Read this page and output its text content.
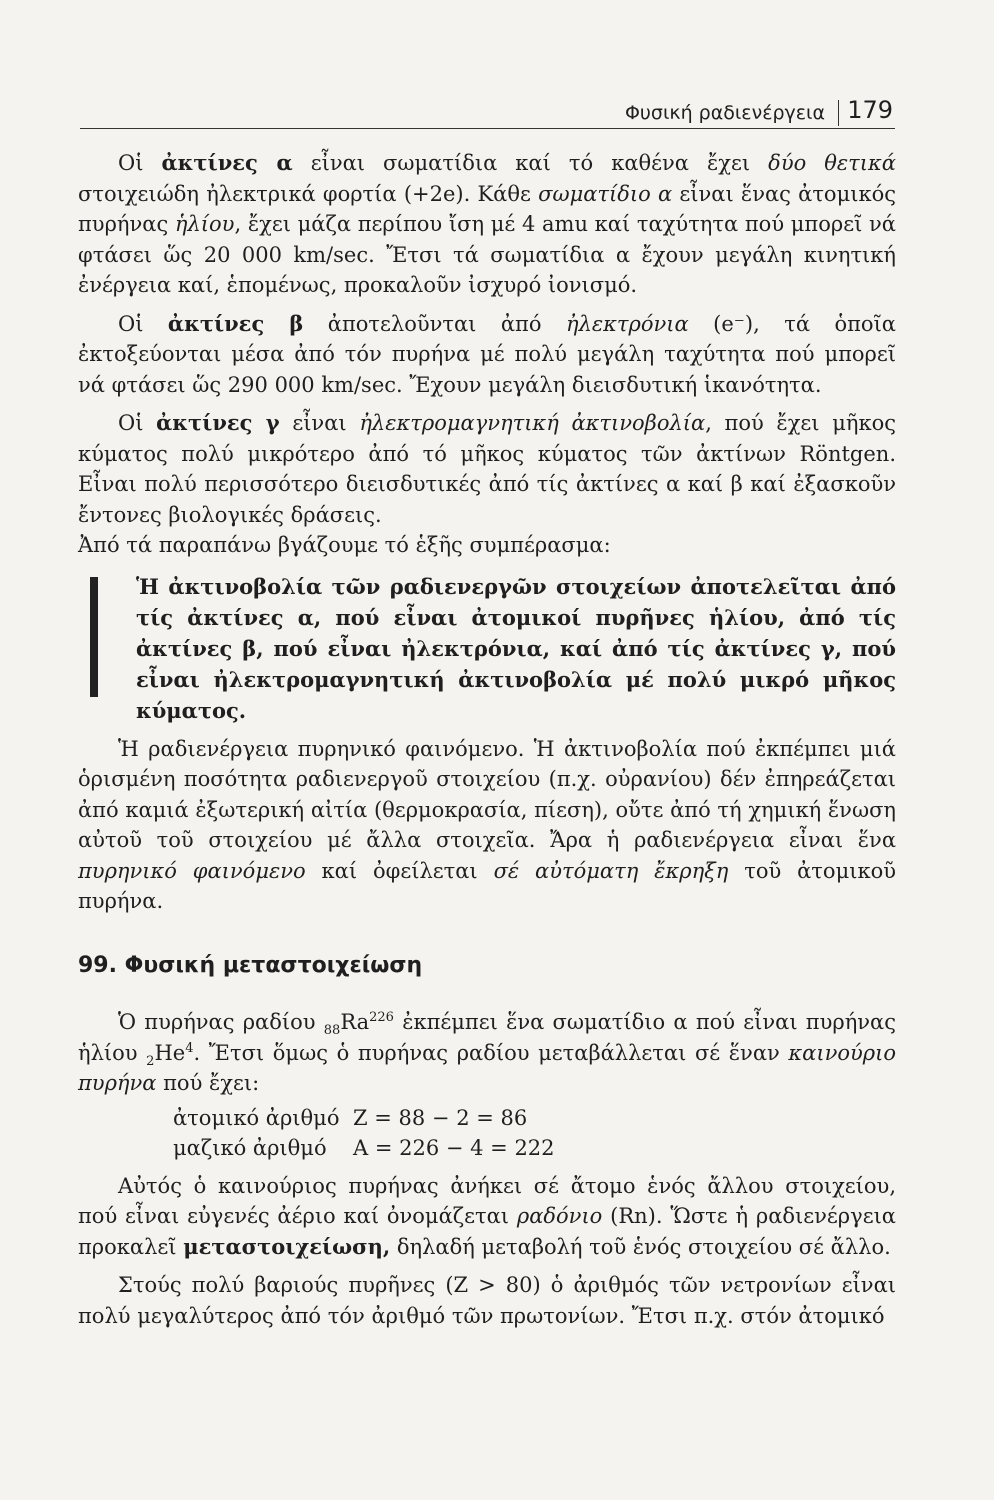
Φυσική ραδιενέργεια 179

Οἱ ἀκτίνες α εἶναι σωματίδια καί τό καθένα ἔχει δύο θετικά στοιχειώδη ἠλεκτρικά φορτία (+2e). Κάθε σωματίδιο α εἶναι ἕνας ἀτομικός πυρήνας ἡλίου, ἔχει μάζα περίπου ἴση μέ 4 amu καί ταχύτητα πού μπορεῖ νά φτάσει ὥς 20 000 km/sec. Ἔτσι τά σωματίδια α ἔχουν μεγάλη κινητική ἐνέργεια καί, ἑπομένως, προκαλοῦν ἰσχυρό ἰονισμό.

Οἱ ἀκτίνες β ἀποτελοῦνται ἀπό ἠλεκτρόνια (e⁻), τά ὁποῖα ἐκτοξεύονται μέσα ἀπό τόν πυρήνα μέ πολύ μεγάλη ταχύτητα πού μπορεῖ νά φτάσει ὥς 290 000 km/sec. Ἔχουν μεγάλη διεισδυτική ἱκανότητα.

Οἱ ἀκτίνες γ εἶναι ἠλεκτρομαγνητική ἀκτινοβολία, πού ἔχει μῆκος κύματος πολύ μικρότερο ἀπό τό μῆκος κύματος τῶν ἀκτίνων Röntgen. Εἶναι πολύ περισσότερο διεισδυτικές ἀπό τίς ἀκτίνες α καί β καί ἐξασκοῦν ἔντονες βιολογικές δράσεις.

Ἀπό τά παραπάνω βγάζουμε τό ἑξῆς συμπέρασμα:

Ἡ ἀκτινοβολία τῶν ραδιενεργῶν στοιχείων ἀποτελεῖται ἀπό τίς ἀκτίνες α, πού εἶναι ἀτομικοί πυρῆνες ἡλίου, ἀπό τίς ἀκτίνες β, πού εἶναι ἠλεκτρόνια, καί ἀπό τίς ἀκτίνες γ, πού εἶναι ἠλεκτρομαγνητική ἀκτινοβολία μέ πολύ μικρό μῆκος κύματος.

Ἡ ραδιενέργεια πυρηνικό φαινόμενο. Ἡ ἀκτινοβολία πού ἐκπέμπει μιά ὁρισμένη ποσότητα ραδιενεργοῦ στοιχείου (π.χ. οὐρανίου) δέν ἐπηρεάζεται ἀπό καμιά ἐξωτερική αἰτία (θερμοκρασία, πίεση), οὔτε ἀπό τή χημική ἕνωση αὐτοῦ τοῦ στοιχείου μέ ἄλλα στοιχεῖα. Ἄρα ἡ ραδιενέργεια εἶναι ἕνα πυρηνικό φαινόμενο καί ὀφείλεται σέ αὐτόματη ἔκρηξη τοῦ ἀτομικοῦ πυρήνα.

99. Φυσική μεταστοιχείωση

Ὁ πυρήνας ραδίου $_{88}Ra^{226}$ ἐκπέμπει ἕνα σωματίδιο α πού εἶναι πυρήνας ἡλίου $_2He^4$. Ἔτσι ὅμως ὁ πυρήνας ραδίου μεταβάλλεται σέ ἕναν καινούριο πυρήνα πού ἔχει:

ἀτομικό ἀριθμό Z = 88 − 2 = 86
μαζικό ἀριθμό	A = 226 − 4 = 222

Αὐτός ὁ καινούριος πυρήνας ἀνήκει σέ ἄτομο ἑνός ἄλλου στοιχείου, πού εἶναι εὐγενές ἀέριο καί ὀνομάζεται ραδόνιο (Rn). Ὥστε ἡ ραδιενέργεια προκαλεῖ μεταστοιχείωση, δηλαδή μεταβολή τοῦ ἑνός στοιχείου σέ ἄλλο.

Στούς πολύ βαριούς πυρῆνες (Z > 80) ὁ ἀριθμός τῶν νετρονίων εἶναι πολύ μεγαλύτερος ἀπό τόν ἀριθμό τῶν πρωτονίων. Ἔτσι π.χ. στόν ἀτομικό
